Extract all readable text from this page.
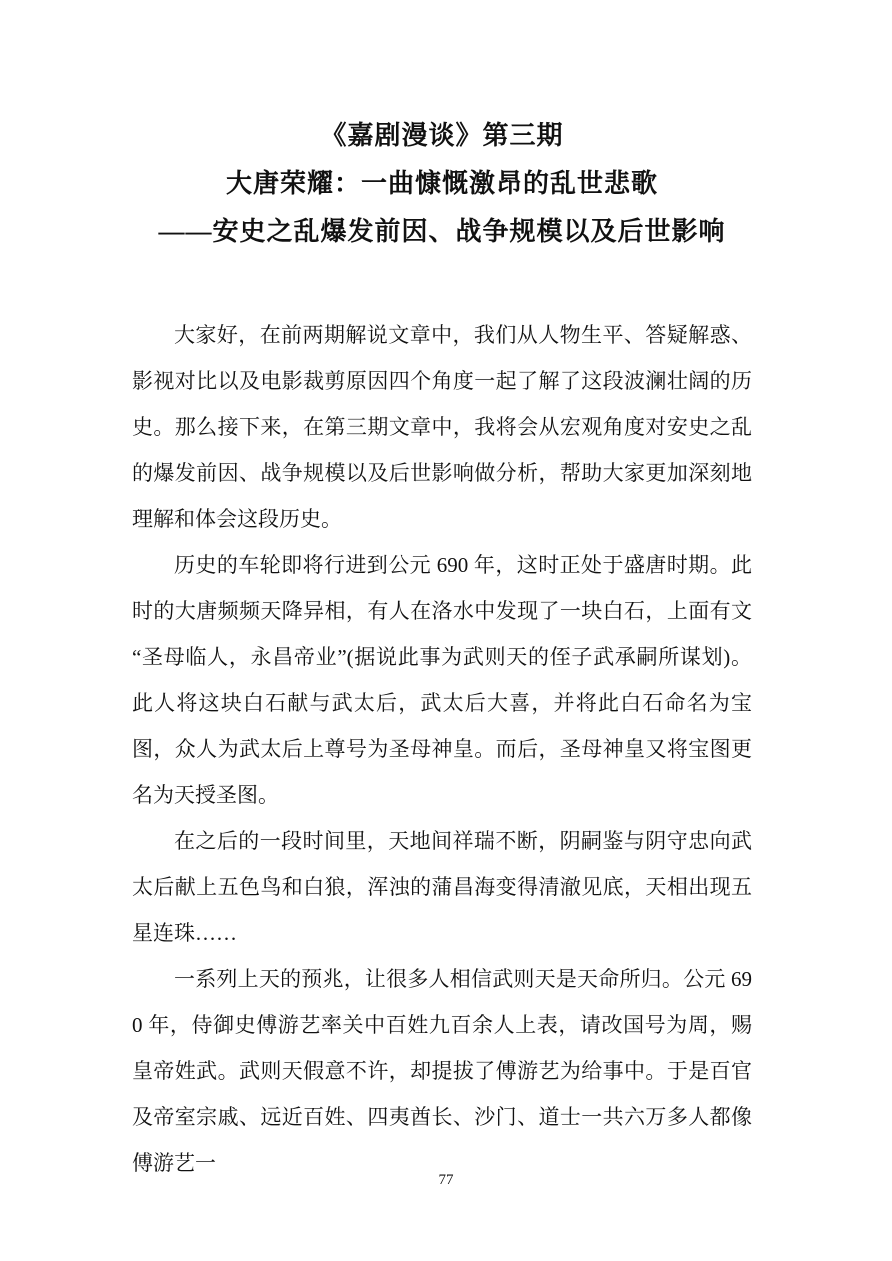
《嘉剧漫谈》第三期
大唐荣耀：一曲慷慨激昂的乱世悲歌
——安史之乱爆发前因、战争规模以及后世影响

大家好，在前两期解说文章中，我们从人物生平、答疑解惑、影视对比以及电影裁剪原因四个角度一起了解了这段波澜壮阔的历史。那么接下来，在第三期文章中，我将会从宏观角度对安史之乱的爆发前因、战争规模以及后世影响做分析，帮助大家更加深刻地理解和体会这段历史。

历史的车轮即将行进到公元 690 年，这时正处于盛唐时期。此时的大唐频频天降异相，有人在洛水中发现了一块白石，上面有文“圣母临人，永昌帝业”(据说此事为武则天的侄子武承嗣所谋划)。此人将这块白石献与武太后，武太后大喜，并将此白石命名为宝图，众人为武太后上尊号为圣母神皇。而后，圣母神皇又将宝图更名为天授圣图。

在之后的一段时间里，天地间祥瑞不断，阴嗣鉴与阴守忠向武太后献上五色鸟和白狼，浑浊的蒲昌海变得清澈见底，天相出现五星连珠……

一系列上天的预兆，让很多人相信武则天是天命所归。公元 690 年，侍御史傅游艺率关中百姓九百余人上表，请改国号为周，赐皇帝姓武。武则天假意不许，却提拔了傅游艺为给事中。于是百官及帝室宗戚、远近百姓、四夷酋长、沙门、道士一共六万多人都像傅游艺一

77
